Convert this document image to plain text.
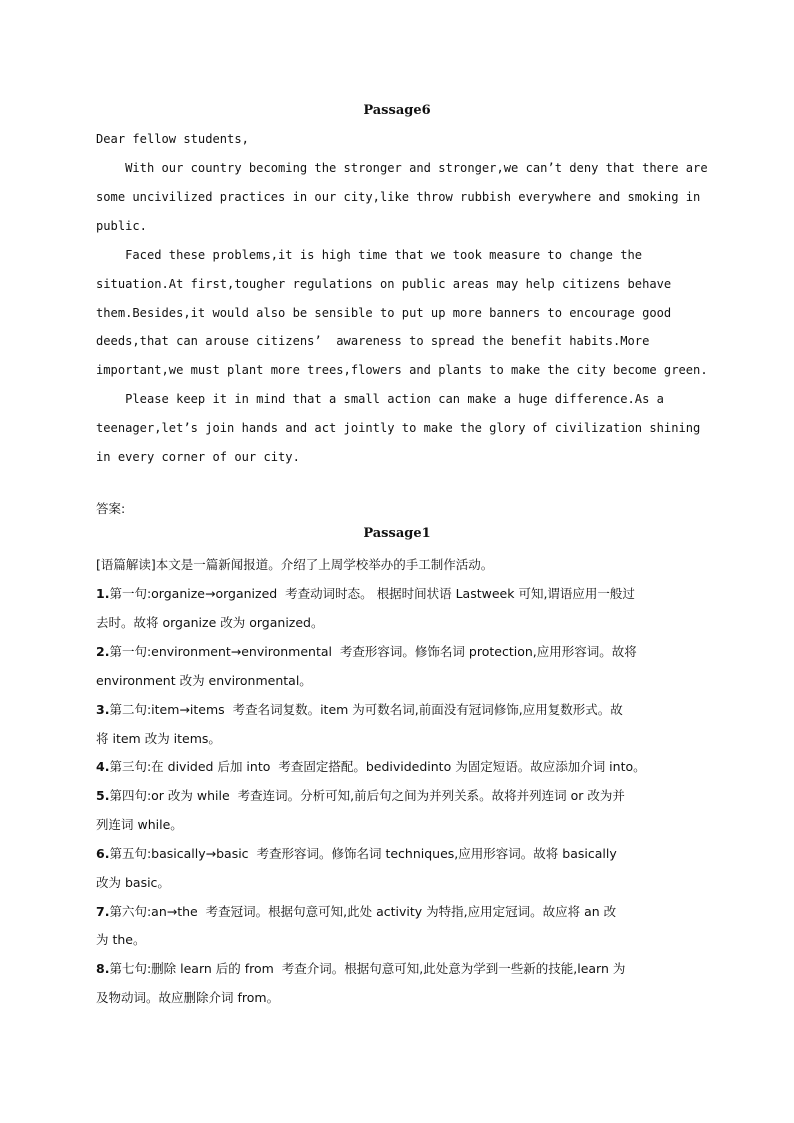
Passage6

Dear fellow students,

With our country becoming the stronger and stronger,we can’t deny that there are

some uncivilized practices in our city,like throw rubbish everywhere and smoking in

public.

Faced these problems,it is high time that we took measure to change the

situation.At first,tougher regulations on public areas may help citizens behave

them.Besides,it would also be sensible to put up more banners to encourage good

deeds,that can arouse citizens’  awareness to spread the benefit habits.More

important,we must plant more trees,flowers and plants to make the city become green.

Please keep it in mind that a small action can make a huge difference.As a

teenager,let’s join hands and act jointly to make the glory of civilization shining

in every corner of our city.

答案:
Passage1
[语篇解读]本文是一篇新闻报道。介绍了上周学校举办的手工制作活动。
1.第一句:organize→organized  考查动词时态。 根据时间状语 Lastweek 可知,谓语应用一般过
去时。故将 organize 改为 organized。
2.第一句:environment→environmental  考查形容词。修饰名词 protection,应用形容词。故将
environment 改为 environmental。
3.第二句:item→items  考查名词复数。item 为可数名词,前面没有冠词修饰,应用复数形式。故
将 item 改为 items。
4.第三句:在 divided 后加 into  考查固定搭配。bedividedinto 为固定短语。故应添加介词 into。
5.第四句:or 改为 while  考查连词。分析可知,前后句之间为并列关系。故将并列连词 or 改为并
列连词 while。
6.第五句:basically→basic  考查形容词。修饰名词 techniques,应用形容词。故将 basically
改为 basic。
7.第六句:an→the  考查冠词。根据句意可知,此处 activity 为特指,应用定冠词。故应将 an 改
为 the。
8.第七句:删除 learn 后的 from  考查介词。根据句意可知,此处意为学到一些新的技能,learn 为
及物动词。故应删除介词 from。
